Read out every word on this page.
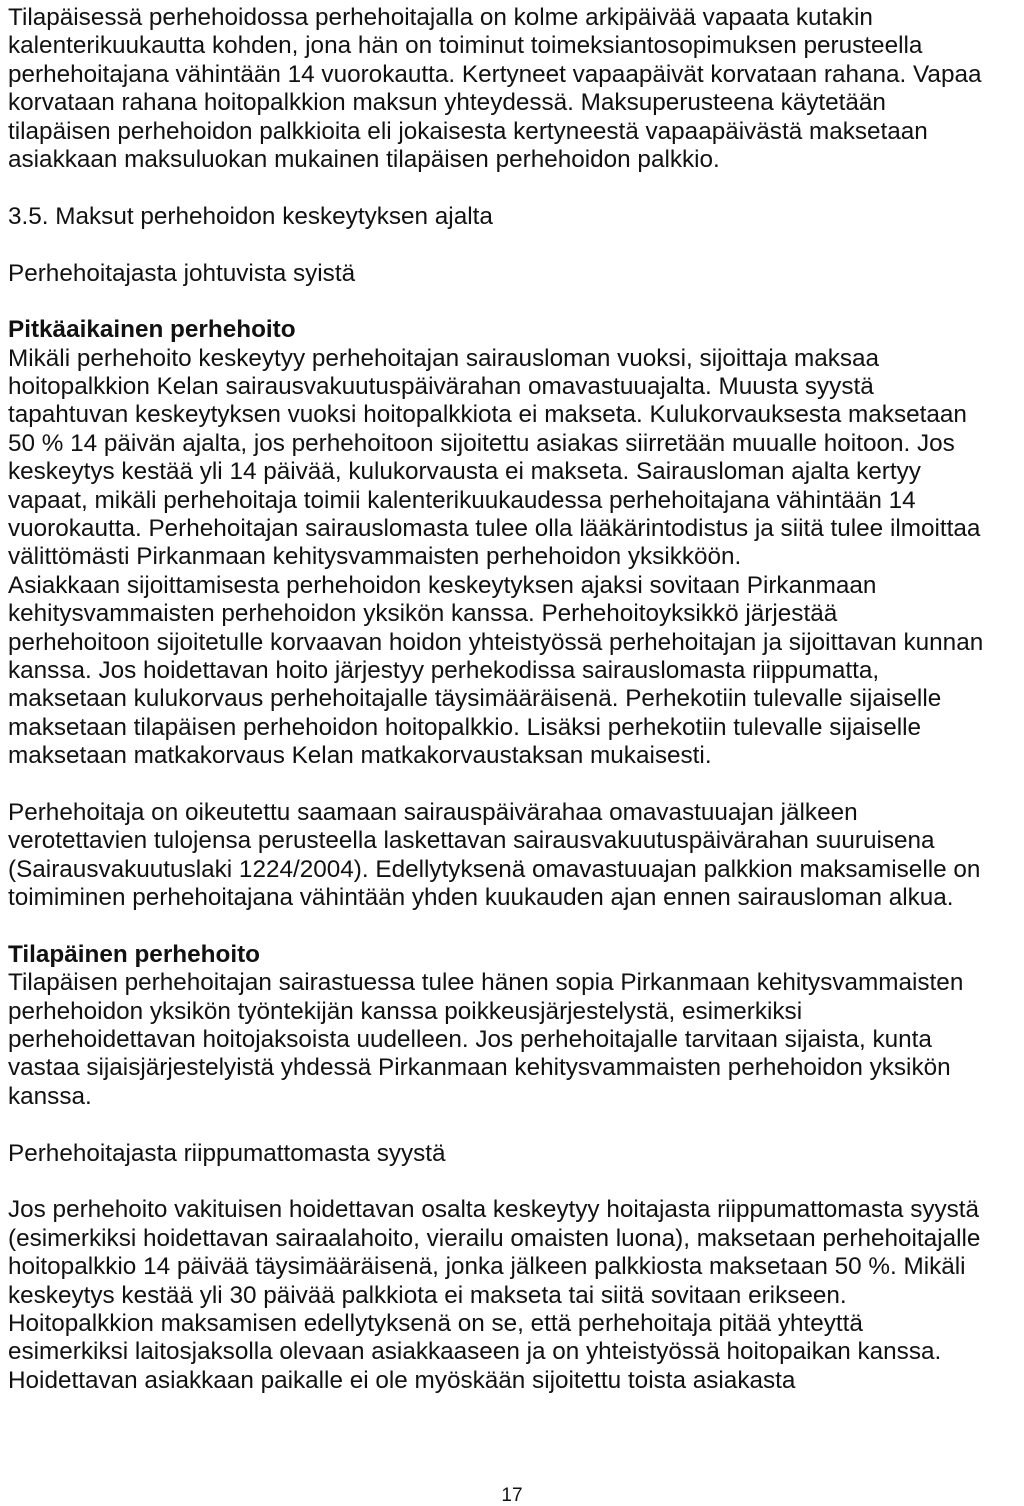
Tilapäisessä perhehoidossa perhehoitajalla on kolme arkipäivää vapaata kutakin
kalenterikuukautta kohden, jona hän on toiminut toimeksiantosopimuksen perusteella
perhehoitajana vähintään 14 vuorokautta. Kertyneet vapaapäivät korvataan rahana. Vapaa
korvataan rahana hoitopalkkion maksun yhteydessä. Maksuperusteena käytetään
tilapäisen perhehoidon palkkioita eli jokaisesta kertyneestä vapaapäivästä maksetaan
asiakkaan maksuluokan mukainen tilapäisen perhehoidon palkkio.
3.5. Maksut perhehoidon keskeytyksen ajalta
Perhehoitajasta johtuvista syistä
Pitkäaikainen perhehoito
Mikäli perhehoito keskeytyy perhehoitajan sairausloman vuoksi, sijoittaja maksaa
hoitopalkkion Kelan sairausvakuutuspäivärahan omavastuuajalta. Muusta syystä
tapahtuvan keskeytyksen vuoksi hoitopalkkiota ei makseta. Kulukorvauksesta maksetaan
50 % 14 päivän ajalta, jos perhehoitoon sijoitettu asiakas siirretään muualle hoitoon. Jos
keskeytys kestää yli 14 päivää, kulukorvausta ei makseta. Sairausloman ajalta kertyy
vapaat, mikäli perhehoitaja toimii kalenterikuukaudessa perhehoitajana vähintään 14
vuorokautta. Perhehoitajan sairauslomasta tulee olla lääkärintodistus ja siitä tulee ilmoittaa
välittömästi Pirkanmaan kehitysvammaisten perhehoidon yksikköön.
Asiakkaan sijoittamisesta perhehoidon keskeytyksen ajaksi sovitaan Pirkanmaan
kehitysvammaisten perhehoidon yksikön kanssa. Perhehoitoyksikkö järjestää
perhehoitoon sijoitetulle korvaavan hoidon yhteistyössä perhehoitajan ja sijoittavan kunnan
kanssa. Jos hoidettavan hoito järjestyy perhekodissa sairauslomasta riippumatta,
maksetaan kulukorvaus perhehoitajalle täysimääräisenä. Perhekotiin tulevalle sijaiselle
maksetaan tilapäisen perhehoidon hoitopalkkio. Lisäksi perhekotiin tulevalle sijaiselle
maksetaan matkakorvaus Kelan matkakorvaustaksan mukaisesti.
Perhehoitaja on oikeutettu saamaan sairauspäivärahaa omavastuuajan jälkeen
verotettavien tulojensa perusteella laskettavan sairausvakuutuspäivärahan suuruisena
(Sairausvakuutuslaki 1224/2004). Edellytyksenä omavastuuajan palkkion maksamiselle on
toimiminen perhehoitajana vähintään yhden kuukauden ajan ennen sairausloman alkua.
Tilapäinen perhehoito
Tilapäisen perhehoitajan sairastuessa tulee hänen sopia Pirkanmaan kehitysvammaisten
perhehoidon yksikön työntekijän kanssa poikkeusjärjestelystä, esimerkiksi
perhehoidettavan hoitojaksoista uudelleen. Jos perhehoitajalle tarvitaan sijaista, kunta
vastaa sijaisjärjestelyistä yhdessä Pirkanmaan kehitysvammaisten perhehoidon yksikön
kanssa.
Perhehoitajasta riippumattomasta syystä
Jos perhehoito vakituisen hoidettavan osalta keskeytyy hoitajasta riippumattomasta syystä
(esimerkiksi hoidettavan sairaalahoito, vierailu omaisten luona), maksetaan perhehoitajalle
hoitopalkkio 14 päivää täysimääräisenä, jonka jälkeen palkkiosta maksetaan 50 %. Mikäli
keskeytys kestää yli 30 päivää palkkiota ei makseta tai siitä sovitaan erikseen.
Hoitopalkkion maksamisen edellytyksenä on se, että perhehoitaja pitää yhteyttä
esimerkiksi laitosjaksolla olevaan asiakkaaseen ja on yhteistyössä hoitopaikan kanssa.
Hoidettavan asiakkaan paikalle ei ole myöskään sijoitettu toista asiakasta
17
